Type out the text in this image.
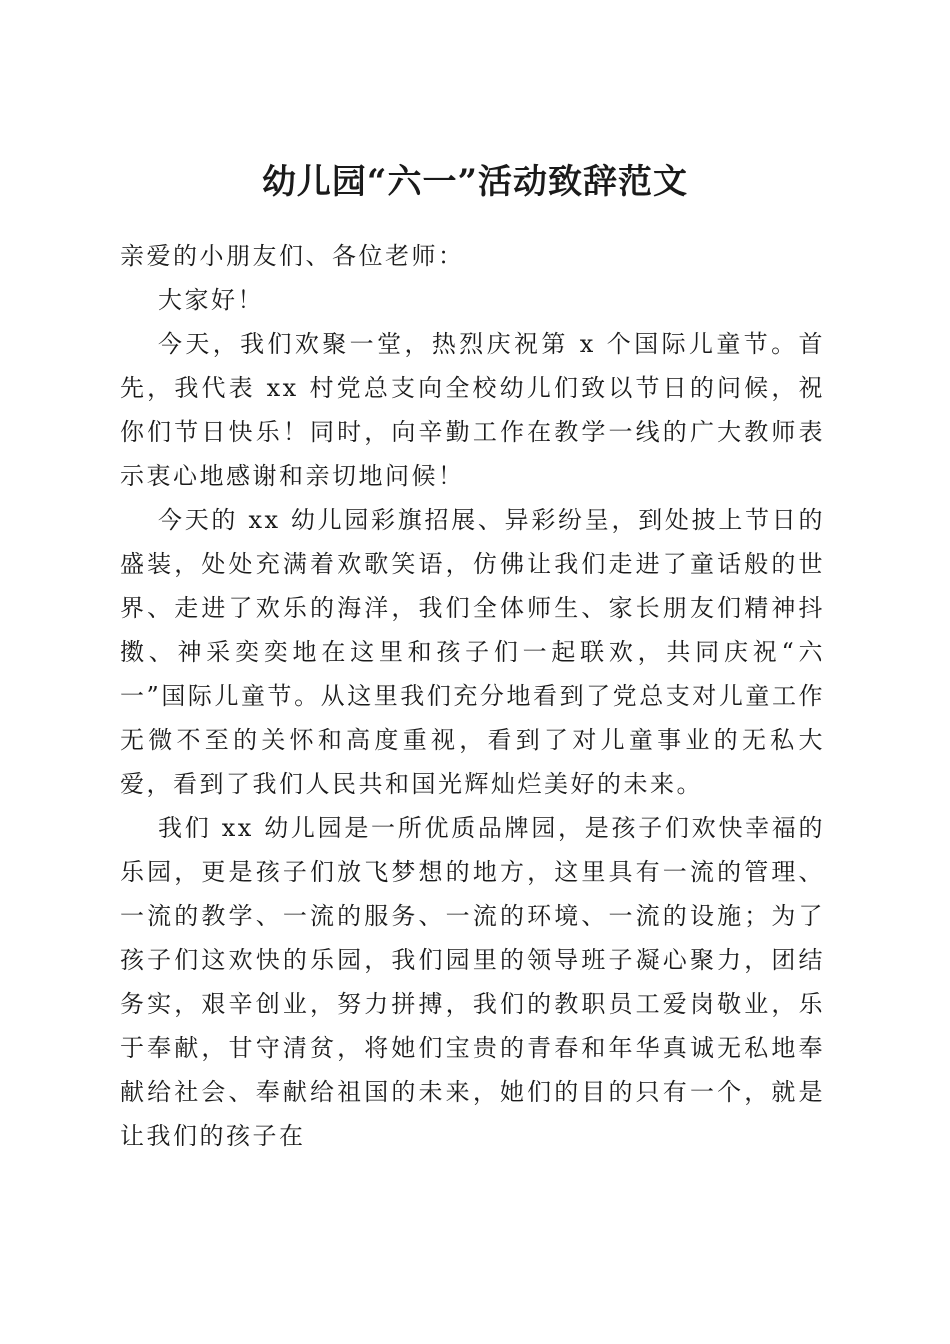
幼儿园“六一”活动致辞范文

亲爱的小朋友们、各位老师：

大家好！

今天，我们欢聚一堂，热烈庆祝第 x 个国际儿童节。首先，我代表 xx 村党总支向全校幼儿们致以节日的问候，祝你们节日快乐！同时，向辛勤工作在教学一线的广大教师表示衷心地感谢和亲切地问候！

今天的 xx 幼儿园彩旗招展、异彩纷呈，到处披上节日的盛装，处处充满着欢歌笑语，仿佛让我们走进了童话般的世界、走进了欢乐的海洋，我们全体师生、家长朋友们精神抖擞、神采奕奕地在这里和孩子们一起联欢，共同庆祝“六一”国际儿童节。从这里我们充分地看到了党总支对儿童工作无微不至的关怀和高度重视，看到了对儿童事业的无私大爱，看到了我们人民共和国光辉灿烂美好的未来。

我们 xx 幼儿园是一所优质品牌园，是孩子们欢快幸福的乐园，更是孩子们放飞梦想的地方，这里具有一流的管理、一流的教学、一流的服务、一流的环境、一流的设施；为了孩子们这欢快的乐园，我们园里的领导班子凝心聚力，团结务实，艰辛创业，努力拼搏，我们的教职员工爱岗敬业，乐于奉献，甘守清贫，将她们宝贵的青春和年华真诚无私地奉献给社会、奉献给祖国的未来，她们的目的只有一个，就是让我们的孩子在
